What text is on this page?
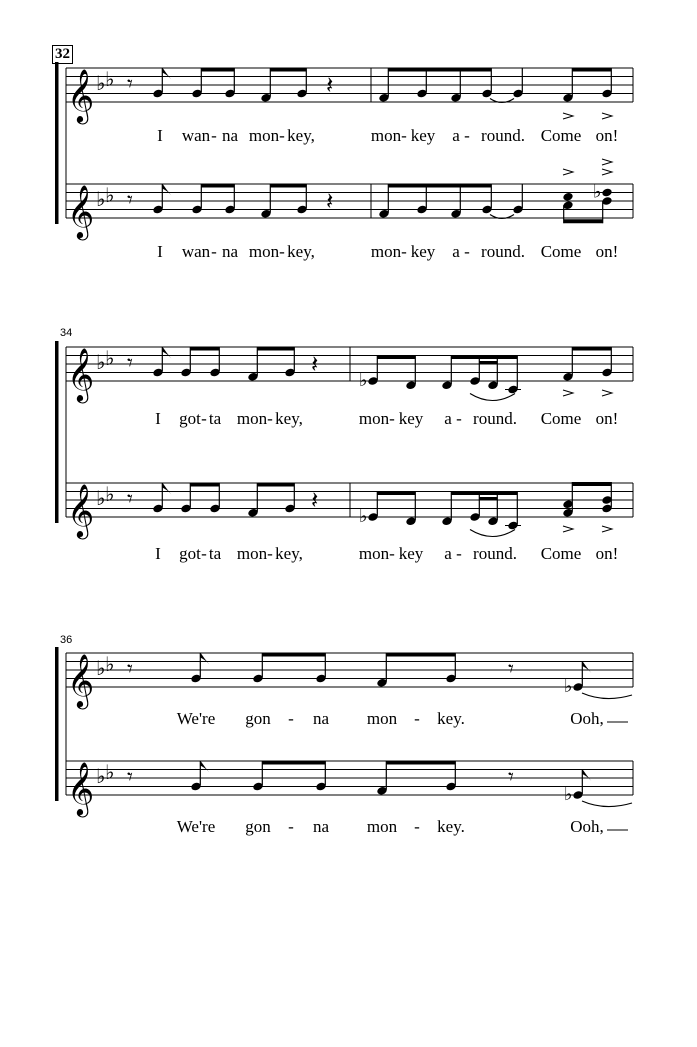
𝄞 ♭ ♭
𝄞 ♭ ♭
𝄾	𝄽
𝄾	𝄽	♭
𝄞 ♭ ♭
𝄞 ♭ ♭
𝄾	𝄽
♭
𝄾	𝄽
♭
𝄞 ♭ ♭
𝄞 ♭ ♭
𝄾	𝄾
♭
𝄾	𝄾
♭
32
34
36
I wan - na mon - key,	mon - key a - round. Come on!
I wan - na mon - key,	mon - key a - round. Come on!
I got - ta mon - key,	mon - key a - round. Come on!
I got - ta mon - key,	mon - key a - round. Come on!
We're gon - na mon - key.	Ooh,
We're gon - na mon - key.	Ooh,
